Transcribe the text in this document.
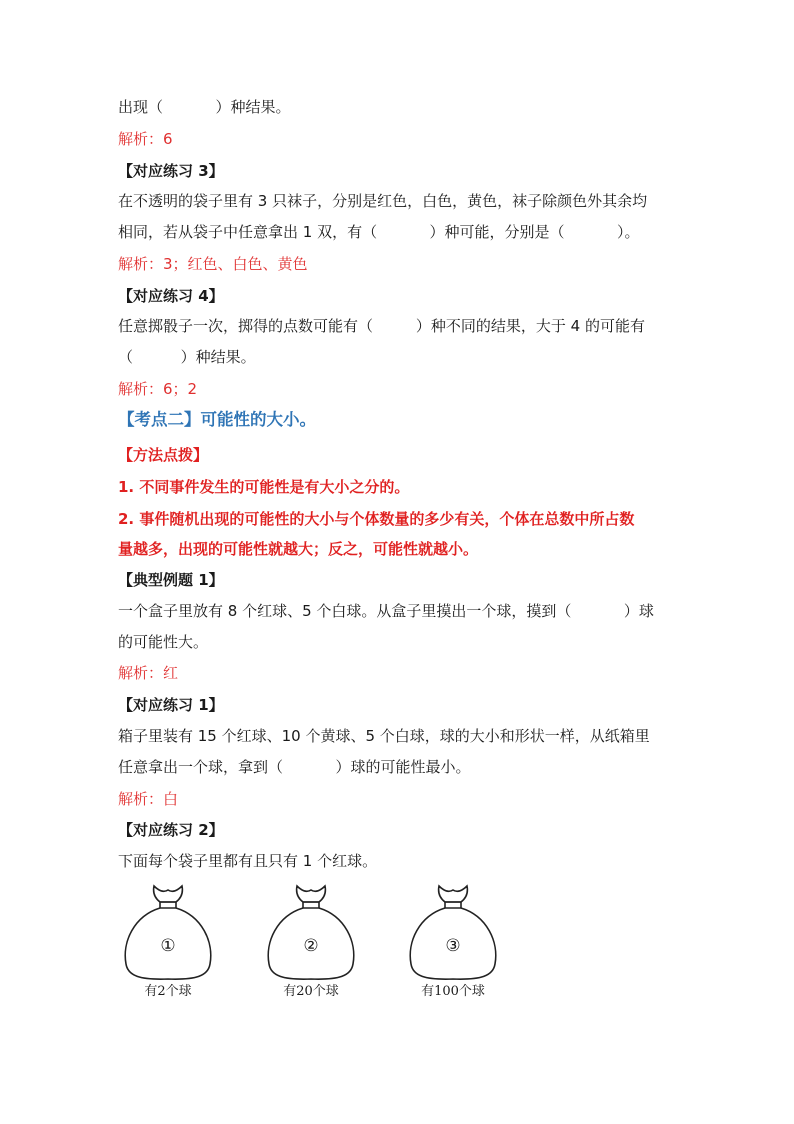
出现（           ）种结果。
解析：6
【对应练习 3】
在不透明的袋子里有 3 只袜子，分别是红色，白色，黄色，袜子除颜色外其余均
相同，若从袋子中任意拿出 1 双，有（           ）种可能，分别是（           ）。
解析：3；红色、白色、黄色
【对应练习 4】
任意掷骰子一次，掷得的点数可能有（         ）种不同的结果，大于 4 的可能有
（          ）种结果。
解析：6；2
【考点二】可能性的大小。
【方法点拨】
1. 不同事件发生的可能性是有大小之分的。
2. 事件随机出现的可能性的大小与个体数量的多少有关，个体在总数中所占数
量越多，出现的可能性就越大；反之，可能性就越小。
【典型例题 1】
一个盒子里放有 8 个红球、5 个白球。从盒子里摸出一个球，摸到（           ）球
的可能性大。
解析：红
【对应练习 1】
箱子里装有 15 个红球、10 个黄球、5 个白球，球的大小和形状一样，从纸箱里
任意拿出一个球，拿到（           ）球的可能性最小。
解析：白
【对应练习 2】
下面每个袋子里都有且只有 1 个红球。
①
有2个球
②
有20个球
③
有100个球
